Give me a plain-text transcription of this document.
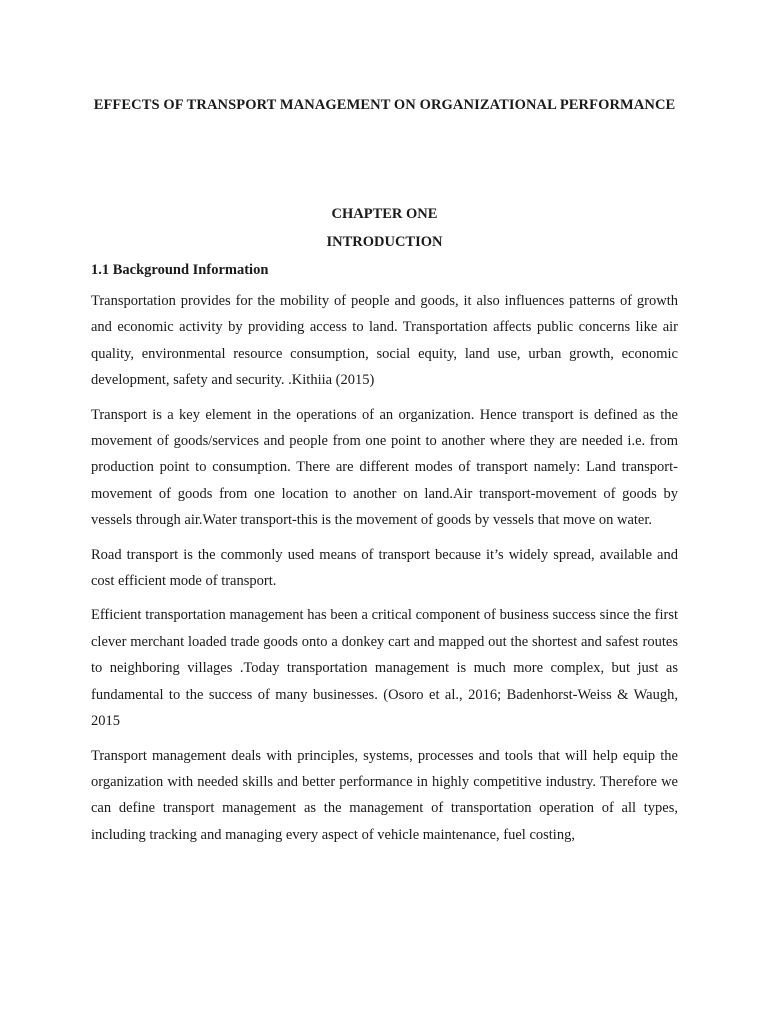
EFFECTS OF TRANSPORT MANAGEMENT ON ORGANIZATIONAL PERFORMANCE

CHAPTER ONE

INTRODUCTION

1.1 Background Information

Transportation provides for the mobility of people and goods, it also influences patterns of growth and economic activity by providing access to land. Transportation affects public concerns like air quality, environmental resource consumption, social equity, land use, urban growth, economic development, safety and security. .Kithiia (2015)

Transport is a key element in the operations of an organization. Hence transport is defined as the movement of goods/services and people from one point to another where they are needed i.e. from production point to consumption. There are different modes of transport namely: Land transport-movement of goods from one location to another on land.Air transport-movement of goods by vessels through air.Water transport-this is the movement of goods by vessels that move on water.

Road transport is the commonly used means of transport because it’s widely spread, available and cost efficient mode of transport.

Efficient transportation management has been a critical component of business success since the first clever merchant loaded trade goods onto a donkey cart and mapped out the shortest and safest routes to neighboring villages .Today transportation management is much more complex, but just as fundamental to the success of many businesses. (Osoro et al., 2016; Badenhorst-Weiss & Waugh, 2015

Transport management deals with principles, systems, processes and tools that will help equip the organization with needed skills and better performance in highly competitive industry. Therefore we can define transport management as the management of transportation operation of all types, including tracking and managing every aspect of vehicle maintenance, fuel costing,
